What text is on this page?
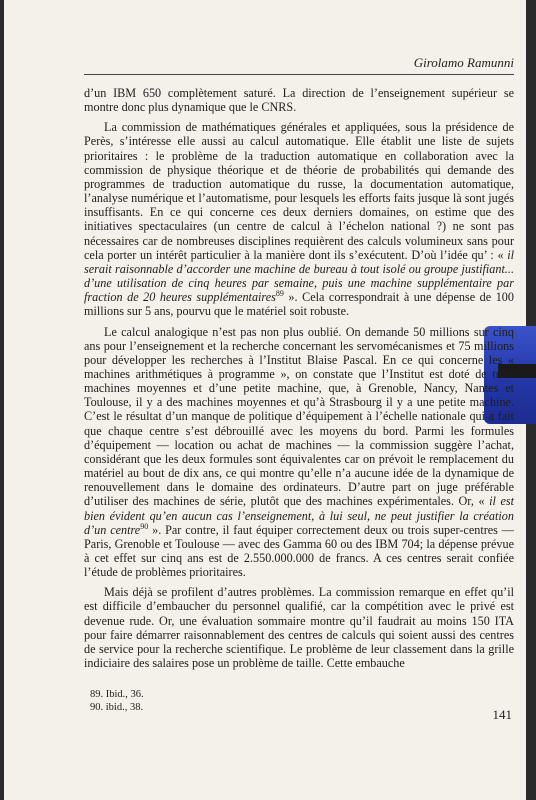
Girolamo Ramunni

d’un IBM 650 complètement saturé. La direction de l’enseignement supérieur se montre donc plus dynamique que le CNRS.

La commission de mathématiques générales et appliquées, sous la présidence de Perès, s’intéresse elle aussi au calcul automatique. Elle établit une liste de sujets prioritaires : le problème de la traduction automatique en collaboration avec la commission de physique théorique et de théorie de probabilités qui demande des programmes de traduction automatique du russe, la documentation automatique, l’analyse numérique et l’automatisme, pour lesquels les efforts faits jusque là sont jugés insuffisants. En ce qui concerne ces deux derniers domaines, on estime que des initiatives spectaculaires (un centre de calcul à l’échelon national ?) ne sont pas nécessaires car de nombreuses disciplines requièrent des calculs volumineux sans pour cela porter un intérêt particulier à la manière dont ils s’exécutent. D’où l’idée qu’ : « il serait raisonnable d’accorder une machine de bureau à tout isolé ou groupe justifiant... d’une utilisation de cinq heures par semaine, puis une machine supplémentaire par fraction de 20 heures supplémentaires$^{89}$ ». Cela correspondrait à une dépense de 100 millions sur 5 ans, pourvu que le matériel soit robuste.

Le calcul analogique n’est pas non plus oublié. On demande 50 millions sur cinq ans pour l’enseignement et la recherche concernant les servomécanismes et 75 millions pour développer les recherches à l’Institut Blaise Pascal. En ce qui concerne les « machines arithmétiques à programme », on constate que l’Institut est doté de trois machines moyennes et d’une petite machine, que, à Grenoble, Nancy, Nantes et Toulouse, il y a des machines moyennes et qu’à Strasbourg il y a une petite machine. C’est le résultat d’un manque de politique d’équipement à l’échelle nationale qui a fait que chaque centre s’est débrouillé avec les moyens du bord. Parmi les formules d’équipement — location ou achat de machines — la commission suggère l’achat, considérant que les deux formules sont équivalentes car on prévoit le remplacement du matériel au bout de dix ans, ce qui montre qu’elle n’a aucune idée de la dynamique de renouvellement dans le domaine des ordinateurs. D’autre part on juge préférable d’utiliser des machines de série, plutôt que des machines expérimentales. Or, « il est bien évident qu’en aucun cas l’enseignement, à lui seul, ne peut justifier la création d’un centre$^{90}$ ». Par contre, il faut équiper correctement deux ou trois super-centres — Paris, Grenoble et Toulouse — avec des Gamma 60 ou des IBM 704; la dépense prévue à cet effet sur cinq ans est de 2.550.000.000 de francs. A ces centres serait confiée l’étude de problèmes prioritaires.

Mais déjà se profilent d’autres problèmes. La commission remarque en effet qu’il est difficile d’embaucher du personnel qualifié, car la compétition avec le privé est devenue rude. Or, une évaluation sommaire montre qu’il faudrait au moins 150 ITA pour faire démarrer raisonnablement des centres de calculs qui soient aussi des centres de service pour la recherche scientifique. Le problème de leur classement dans la grille indiciaire des salaires pose un problème de taille. Cette embauche

89. Ibid., 36.
90. ibid., 38.	141
